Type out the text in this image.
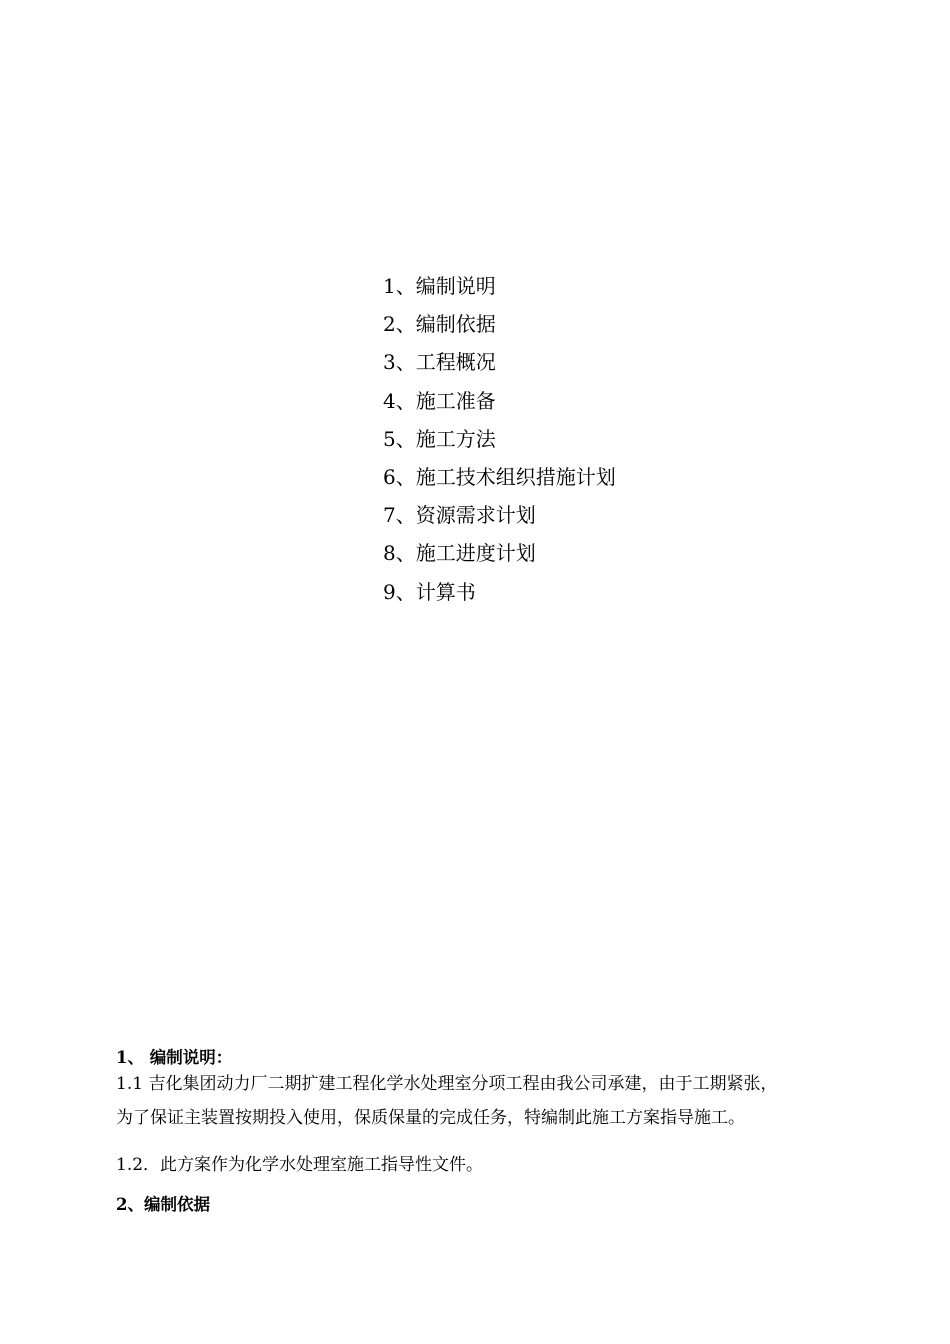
1、编制说明
2、编制依据
3、工程概况
4、施工准备
5、施工方法
6、施工技术组织措施计划
7、资源需求计划
8、施工进度计划
9、计算书
1、 编制说明：
1.1 吉化集团动力厂二期扩建工程化学水处理室分项工程由我公司承建，由于工期紧张，
为了保证主装置按期投入使用，保质保量的完成任务，特编制此施工方案指导施工。
1.2．此方案作为化学水处理室施工指导性文件。
2、编制依据
